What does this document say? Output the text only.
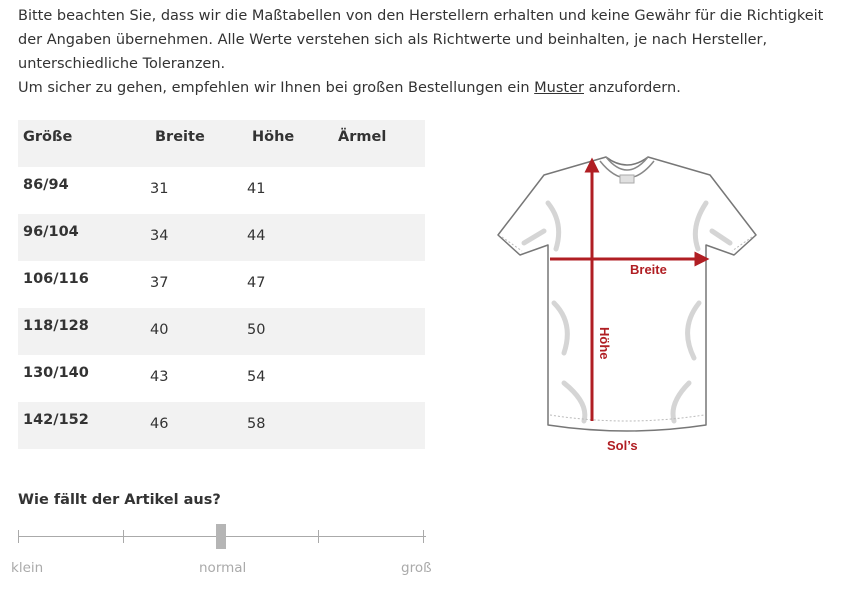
Bitte beachten Sie, dass wir die Maßtabellen von den Herstellern erhalten und keine Gewähr für die Richtigkeit der Angaben übernehmen. Alle Werte verstehen sich als Richtwerte und beinhalten, je nach Hersteller, unterschiedliche Toleranzen.

Um sicher zu gehen, empfehlen wir Ihnen bei großen Bestellungen ein Muster anzufordern.

Größe	Breite	Höhe	Ärmel
86/94	31	41	
96/104	34	44	
106/116	37	47	
118/128	40	50	
130/140	43	54	
142/152	46	58	
Breite
Höhe
Sol’s
Wie fällt der Artikel aus?
klein	normal	groß
